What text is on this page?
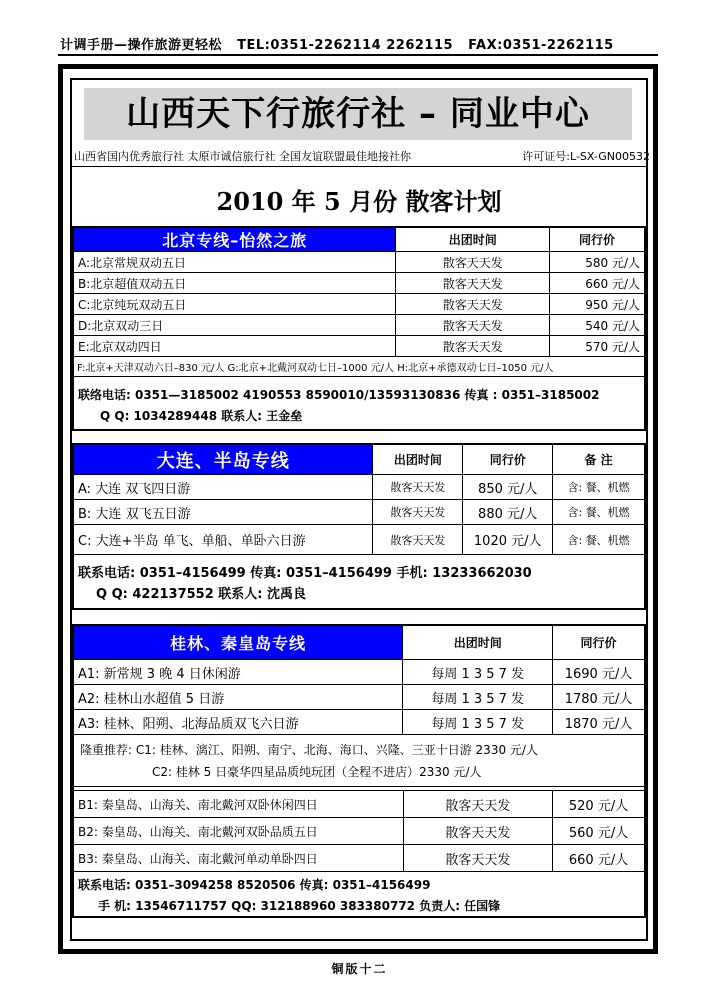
计调手册—操作旅游更轻松 TEL:0351-2262114 2262115 FAX:0351-2262115
山西天下行旅行社 – 同业中心
山西省国内优秀旅行社 太原市诚信旅行社 全国友谊联盟最佳地接社你	许可证号:L-SX-GN00532
2010 年 5 月份 散客计划
北京专线–怡然之旅	出团时间	同行价
A:北京常规双动五日	散客天天发	580 元/人
B:北京超值双动五日	散客天天发	660 元/人
C:北京纯玩双动五日	散客天天发	950 元/人
D:北京双动三日	散客天天发	540 元/人
E:北京双动四日	散客天天发	570 元/人
F:北京+天津双动六日–830 元/人 G:北京+北戴河双动七日–1000 元/人 H:北京+承德双动七日–1050 元/人		
联络电话: 0351—3185002 4190553 8590010/13593130836 传真 : 0351–3185002
Q Q: 1034289448 联系人: 王金垒
大连、半岛专线	出团时间	同行价	备 注
A: 大连 双飞四日游	散客天天发	850 元/人	含: 餐、机燃
B: 大连 双飞五日游	散客天天发	880 元/人	含: 餐、机燃
C: 大连+半岛 单飞、单船、单卧六日游	散客天天发	1020 元/人	含: 餐、机燃
联系电话: 0351–4156499 传真: 0351–4156499 手机: 13233662030
Q Q: 422137552 联系人: 沈禹良
桂林、秦皇岛专线	出团时间	同行价
A1: 新常规 3 晚 4 日休闲游	每周 1 3 5 7 发	1690 元/人
A2: 桂林山水超值 5 日游	每周 1 3 5 7 发	1780 元/人
A3: 桂林、阳朔、北海品质双飞六日游	每周 1 3 5 7 发	1870 元/人

隆重推荐: C1: 桂林、漓江、阳朔、南宁、北海、海口、兴隆、三亚十日游 2330 元/人
C2: 桂林 5 日豪华四星品质纯玩团（全程不进店）2330 元/人		
B1: 秦皇岛、山海关、南北戴河双卧休闲四日	散客天天发	520 元/人
B2: 秦皇岛、山海关、南北戴河双卧品质五日	散客天天发	560 元/人
B3: 秦皇岛、山海关、南北戴河单动单卧四日	散客天天发	660 元/人
联系电话: 0351–3094258 8520506 传真: 0351–4156499
手 机: 13546711757 QQ: 312188960 383380772 负责人: 任国锋
铜版十二
